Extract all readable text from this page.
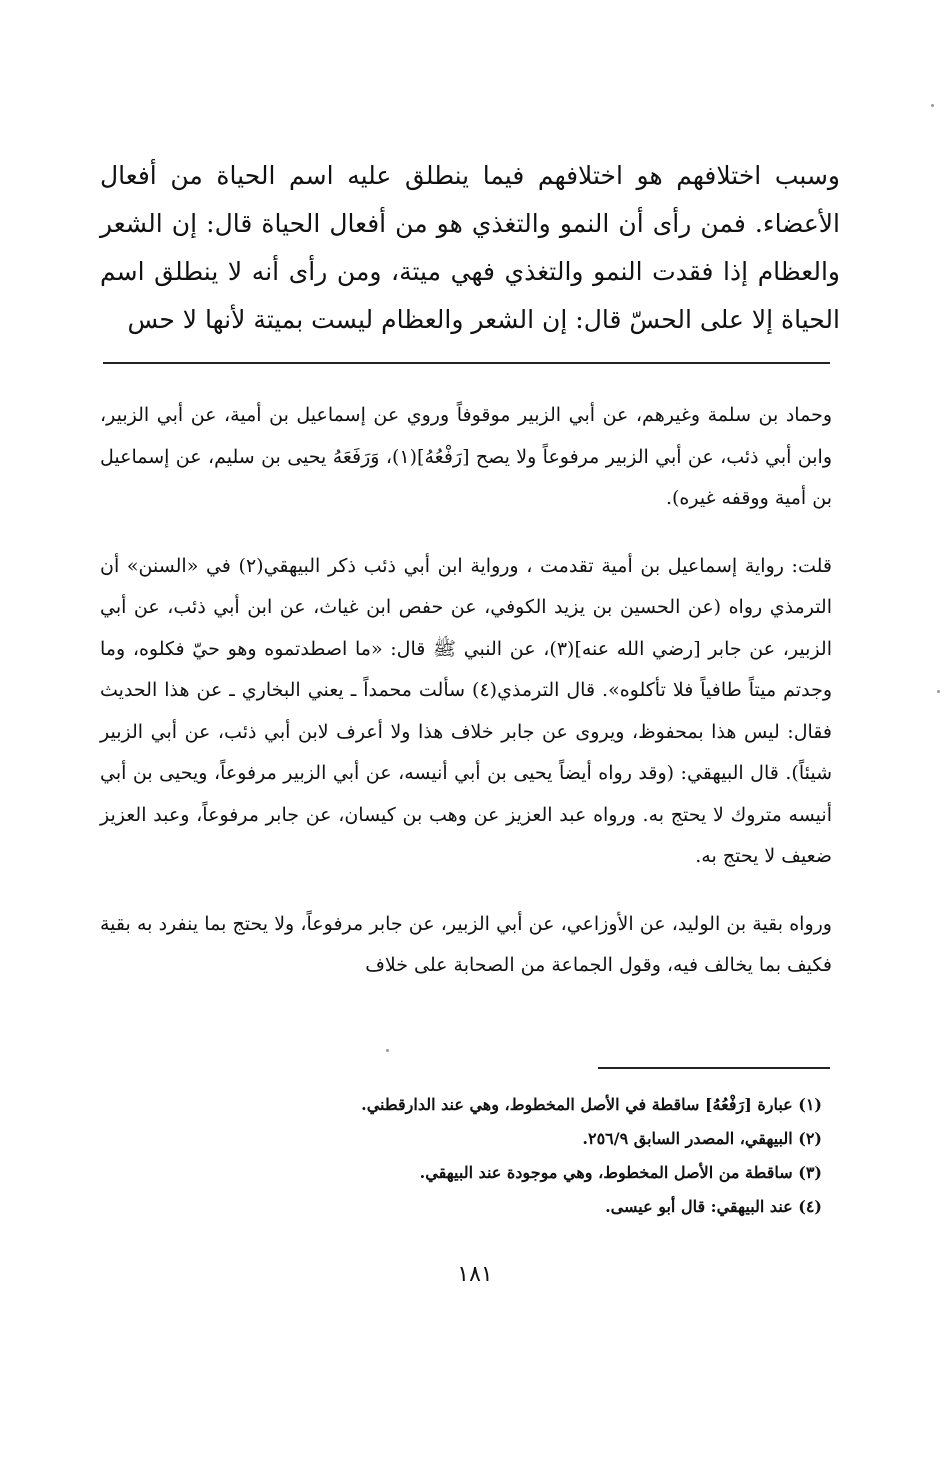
وسبب اختلافهم هو اختلافهم فيما ينطلق عليه اسم الحياة من أفعال الأعضاء. فمن رأى أن النمو والتغذي هو من أفعال الحياة قال: إن الشعر والعظام إذا فقدت النمو والتغذي فهي ميتة، ومن رأى أنه لا ينطلق اسم الحياة إلا على الحسّ قال: إن الشعر والعظام ليست بميتة لأنها لا حس

وحماد بن سلمة وغيرهم، عن أبي الزبير موقوفاً وروي عن إسماعيل بن أمية، عن أبي الزبير، وابن أبي ذئب، عن أبي الزبير مرفوعاً ولا يصح [رَفْعُهُ](١)، وَرَفَعَهُ يحيى بن سليم، عن إسماعيل بن أمية ووقفه غيره).

قلت: رواية إسماعيل بن أمية تقدمت ، ورواية ابن أبي ذئب ذكر البيهقي(٢) في «السنن» أن الترمذي رواه (عن الحسين بن يزيد الكوفي، عن حفص ابن غياث، عن ابن أبي ذئب، عن أبي الزبير، عن جابر [رضي الله عنه](٣)، عن النبي ﷺ قال: «ما اصطدتموه وهو حيّ فكلوه، وما وجدتم ميتاً طافياً فلا تأكلوه». قال الترمذي(٤) سألت محمداً ـ يعني البخاري ـ عن هذا الحديث فقال: ليس هذا بمحفوظ، ويروى عن جابر خلاف هذا ولا أعرف لابن أبي ذئب، عن أبي الزبير شيئاً). قال البيهقي: (وقد رواه أيضاً يحيى بن أبي أنيسه، عن أبي الزبير مرفوعاً، ويحيى بن أبي أنيسه متروك لا يحتج به. ورواه عبد العزيز عن وهب بن كيسان، عن جابر مرفوعاً، وعبد العزيز ضعيف لا يحتج به.

ورواه بقية بن الوليد، عن الأوزاعي، عن أبي الزبير، عن جابر مرفوعاً، ولا يحتج بما ينفرد به بقية فكيف بما يخالف فيه، وقول الجماعة من الصحابة على خلاف

(١) عبارة [رَفْعُهُ] ساقطة في الأصل المخطوط، وهي عند الدارقطني.

(٢) البيهقي، المصدر السابق ٢٥٦/٩.

(٣) ساقطة من الأصل المخطوط، وهي موجودة عند البيهقي.

(٤) عند البيهقي: قال أبو عيسى.

١٨١
